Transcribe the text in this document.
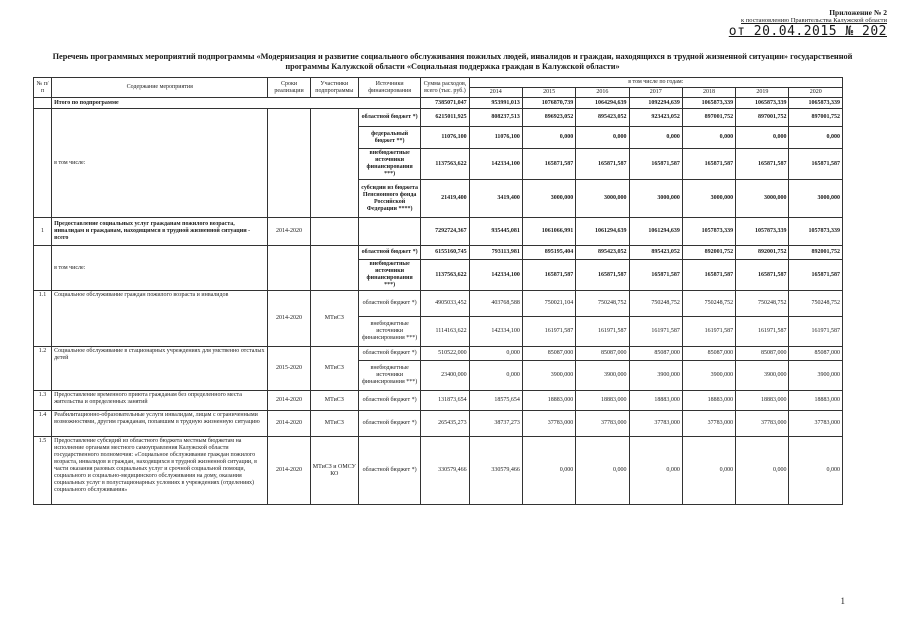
Приложение № 2
к постановлению Правительства Калужской области
от 20.04.2015 № 202
Перечень программных мероприятий подпрограммы «Модернизация и развитие социального обслуживания пожилых людей, инвалидов и граждан, находящихся в трудной жизненной ситуации» государственной программы Калужской области «Социальная поддержка граждан в Калужской области»
№ п/п	Содержание мероприятия	Сроки реализации	Участники подпрограммы	Источники финансирования	Сумма расходов, всего (тыс. руб.)	в том числе по годам:						
						2014	2015	2016	2017	2018	2019	2020
	Итого по подпрограмме				7385071,047	953991,013	1076870,739	1064294,639	1092294,639	1065873,339	1065873,339	1065873,339
	в том числе:			областной бюджет *)	6215011,925	808237,513	896923,052	895423,052	923423,052	897001,752	897001,752	897001,752
				федеральный бюджет **)	11076,100	11076,100	0,000	0,000	0,000	0,000	0,000	0,000
				внебюджетные источники финансирования ***)	1137563,622	142334,100	165871,587	165871,587	165871,587	165871,587	165871,587	165871,587
				субсидии из бюджета Пенсионного фонда Российской Федерации ****)	21419,400	3419,400	3000,000	3000,000	3000,000	3000,000	3000,000	3000,000
1	Предоставление социальных услуг гражданам пожилого возраста, инвалидам и гражданам, находящимся в трудной жизненной ситуации - всего	2014-2020			7292724,367	935445,081	1061066,991	1061294,639	1061294,639	1057873,339	1057873,339	1057873,339
	в том числе:			областной бюджет *)	6155160,745	793113,981	895195,404	895423,052	895423,052	892001,752	892001,752	892001,752
				внебюджетные источники финансирования ***)	1137563,622	142334,100	165871,587	165871,587	165871,587	165871,587	165871,587	165871,587
1.1	Социальное обслуживание граждан пожилого возраста и инвалидов	2014-2020	МТиСЗ	областной бюджет *)	4905033,452	403768,588	750021,104	750248,752	750248,752	750248,752	750248,752	750248,752
				внебюджетные источники финансирования ***)	1114163,622	142334,100	161971,587	161971,587	161971,587	161971,587	161971,587	161971,587
1.2	Социальное обслуживание в стационарных учреждениях для умственно отсталых детей	2015-2020	МТиСЗ	областной бюджет *)	510522,000	0,000	85087,000	85087,000	85087,000	85087,000	85087,000	85087,000
				внебюджетные источники финансирования ***)	23400,000	0,000	3900,000	3900,000	3900,000	3900,000	3900,000	3900,000
1.3	Предоставление временного приюта гражданам без определенного места жительства и определенных занятий	2014-2020	МТиСЗ	областной бюджет *)	131873,654	18575,654	18883,000	18883,000	18883,000	18883,000	18883,000	18883,000
1.4	Реабилитационно-образовательные услуги инвалидам, лицам с ограниченными возможностями, другим гражданам, попавшим в трудную жизненную ситуацию	2014-2020	МТиСЗ	областной бюджет *)	265435,273	38737,273	37783,000	37783,000	37783,000	37783,000	37783,000	37783,000
1.5	Предоставление субсидий из областного бюджета местным бюджетам на исполнение органами местного самоуправления Калужской области государственного полномочия: «Социальное обслуживание граждан пожилого возраста, инвалидов и граждан, находящихся в трудной жизненной ситуации, в части оказания разовых социальных услуг и срочной социальной помощи, социального и социально-медицинского обслуживания на дому, оказания социальных услуг в полустационарных условиях в учреждениях (отделениях) социального обслуживания»	2014-2020	МТиСЗ и ОМСУ КО	областной бюджет *)	330579,466	330579,466	0,000	0,000	0,000	0,000	0,000	0,000
1
